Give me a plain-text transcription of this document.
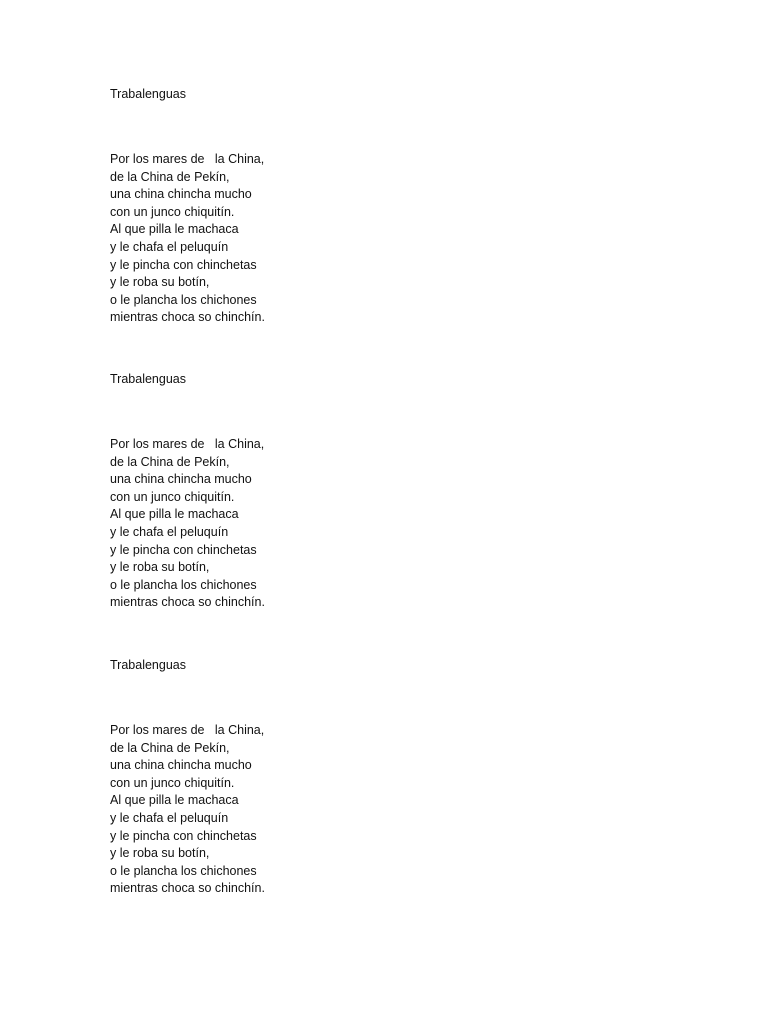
Trabalenguas
Por los mares de   la China,
de la China de Pekín,
una china chincha mucho
con un junco chiquitín.
Al que pilla le machaca
y le chafa el peluquín
y le pincha con chinchetas
y le roba su botín,
o le plancha los chichones
mientras choca so chinchín.
Trabalenguas
Por los mares de   la China,
de la China de Pekín,
una china chincha mucho
con un junco chiquitín.
Al que pilla le machaca
y le chafa el peluquín
y le pincha con chinchetas
y le roba su botín,
o le plancha los chichones
mientras choca so chinchín.
Trabalenguas
Por los mares de   la China,
de la China de Pekín,
una china chincha mucho
con un junco chiquitín.
Al que pilla le machaca
y le chafa el peluquín
y le pincha con chinchetas
y le roba su botín,
o le plancha los chichones
mientras choca so chinchín.
